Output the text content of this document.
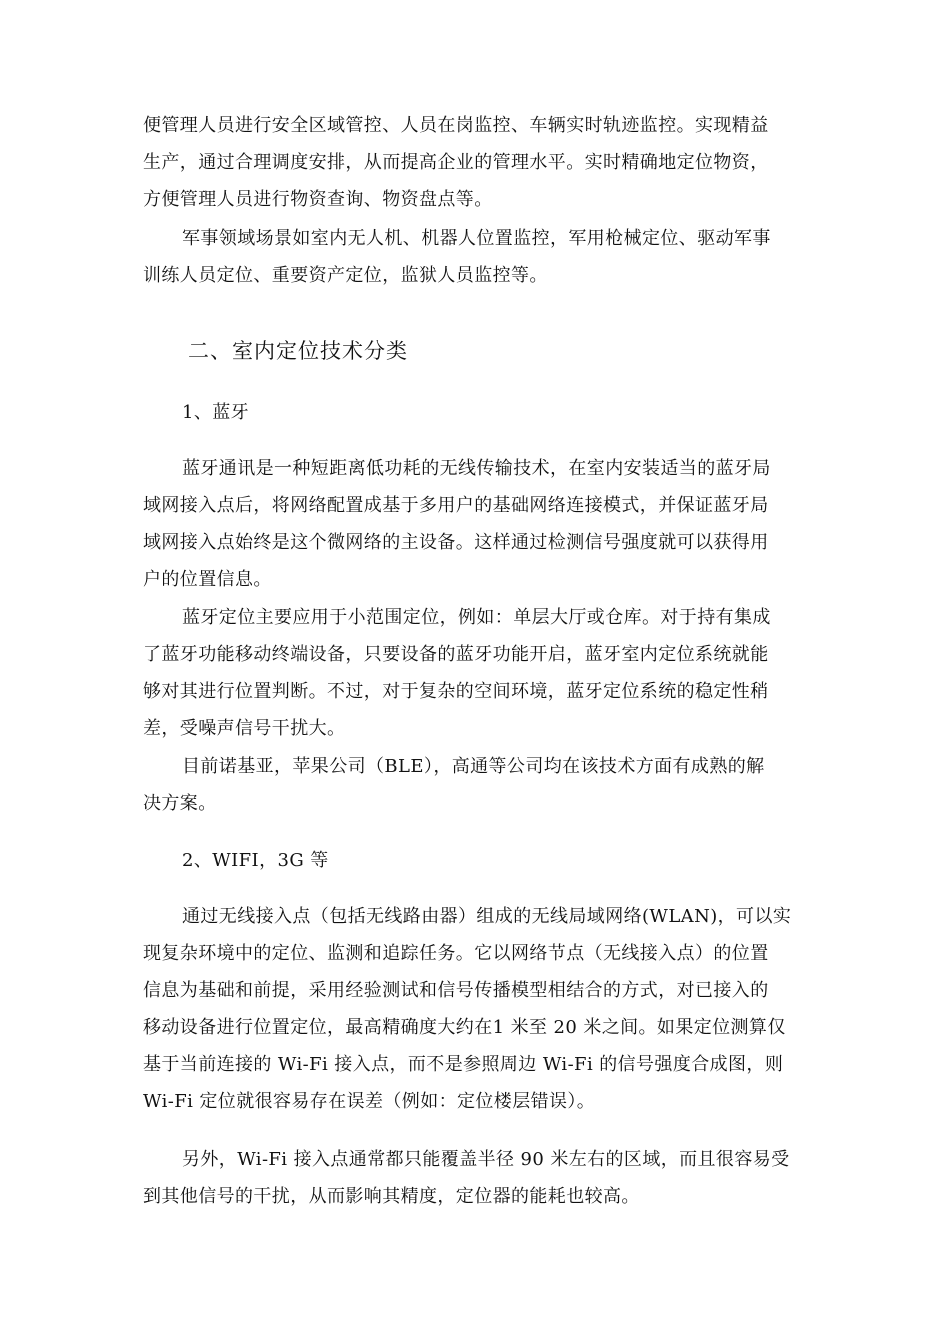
便管理人员进行安全区域管控、人员在岗监控、车辆实时轨迹监控。实现精益
生产，通过合理调度安排，从而提高企业的管理水平。实时精确地定位物资，
方便管理人员进行物资查询、物资盘点等。
军事领域场景如室内无人机、机器人位置监控，军用枪械定位、驱动军事
训练人员定位、重要资产定位，监狱人员监控等。
二、室内定位技术分类
1、蓝牙
蓝牙通讯是一种短距离低功耗的无线传输技术，在室内安装适当的蓝牙局
域网接入点后，将网络配置成基于多用户的基础网络连接模式，并保证蓝牙局
域网接入点始终是这个微网络的主设备。这样通过检测信号强度就可以获得用
户的位置信息。
蓝牙定位主要应用于小范围定位，例如：单层大厅或仓库。对于持有集成
了蓝牙功能移动终端设备，只要设备的蓝牙功能开启，蓝牙室内定位系统就能
够对其进行位置判断。不过，对于复杂的空间环境，蓝牙定位系统的稳定性稍
差，受噪声信号干扰大。
目前诺基亚，苹果公司（BLE），高通等公司均在该技术方面有成熟的解
决方案。
2、WIFI，3G 等
通过无线接入点（包括无线路由器）组成的无线局域网络(WLAN)，可以实
现复杂环境中的定位、监测和追踪任务。它以网络节点（无线接入点）的位置
信息为基础和前提，采用经验测试和信号传播模型相结合的方式，对已接入的
移动设备进行位置定位，最高精确度大约在1 米至 20 米之间。如果定位测算仅
基于当前连接的 Wi-Fi 接入点，而不是参照周边 Wi-Fi 的信号强度合成图，则
Wi-Fi 定位就很容易存在误差（例如：定位楼层错误）。
另外，Wi-Fi 接入点通常都只能覆盖半径 90 米左右的区域，而且很容易受
到其他信号的干扰，从而影响其精度，定位器的能耗也较高。
